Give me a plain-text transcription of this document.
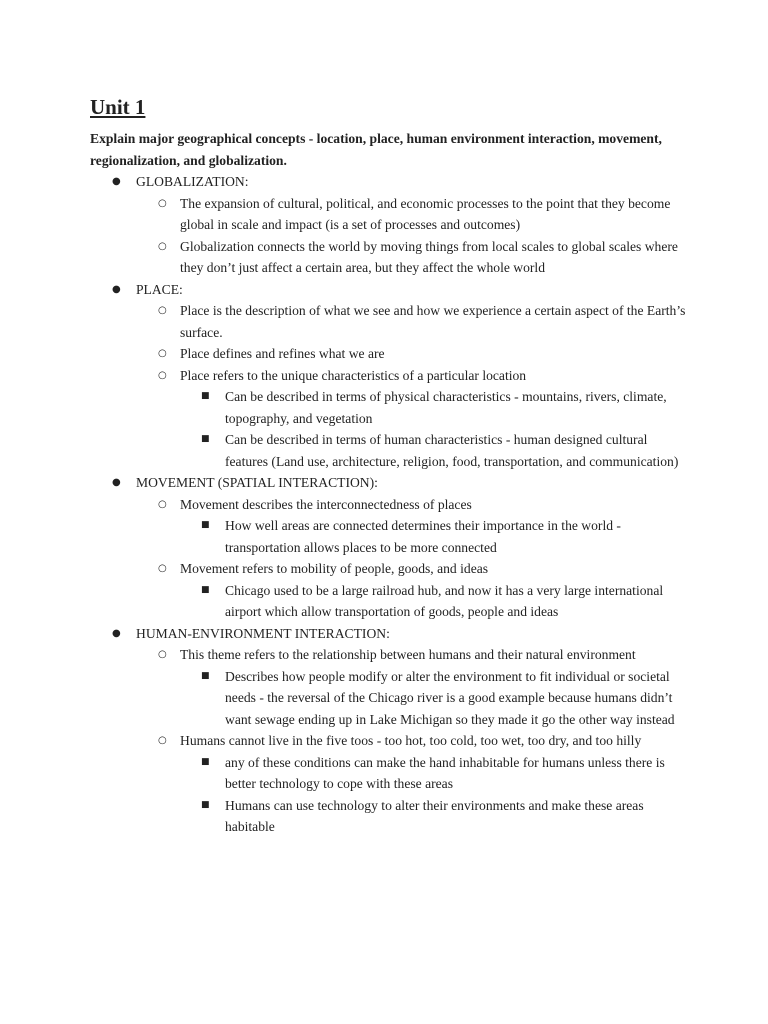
Unit 1
Explain major geographical concepts - location, place, human environment interaction, movement, regionalization, and globalization.
● GLOBALIZATION:
○ The expansion of cultural, political, and economic processes to the point that they become global in scale and impact (is a set of processes and outcomes)
○ Globalization connects the world by moving things from local scales to global scales where they don’t just affect a certain area, but they affect the whole world
● PLACE:
○ Place is the description of what we see and how we experience a certain aspect of the Earth’s surface.
○ Place defines and refines what we are
○ Place refers to the unique characteristics of a particular location
■ Can be described in terms of physical characteristics - mountains, rivers, climate, topography, and vegetation
■ Can be described in terms of human characteristics - human designed cultural features (Land use, architecture, religion, food, transportation, and communication)
● MOVEMENT (SPATIAL INTERACTION):
○ Movement describes the interconnectedness of places
■ How well areas are connected determines their importance in the world - transportation allows places to be more connected
○ Movement refers to mobility of people, goods, and ideas
■ Chicago used to be a large railroad hub, and now it has a very large international airport which allow transportation of goods, people and ideas
● HUMAN-ENVIRONMENT INTERACTION:
○ This theme refers to the relationship between humans and their natural environment
■ Describes how people modify or alter the environment to fit individual or societal needs - the reversal of the Chicago river is a good example because humans didn’t want sewage ending up in Lake Michigan so they made it go the other way instead
○ Humans cannot live in the five toos - too hot, too cold, too wet, too dry, and too hilly
■ any of these conditions can make the hand inhabitable for humans unless there is better technology to cope with these areas
■ Humans can use technology to alter their environments and make these areas habitable
